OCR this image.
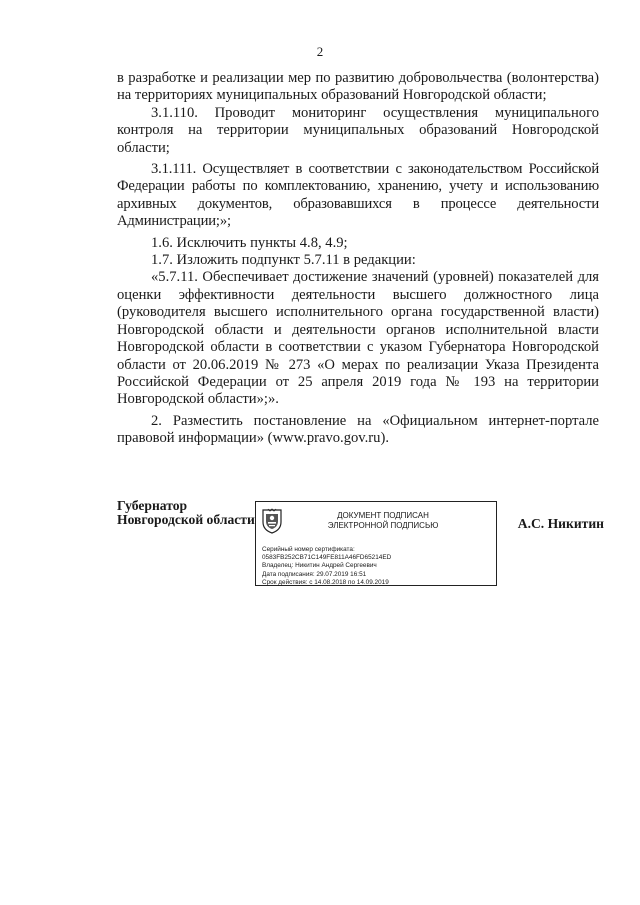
2

в разработке и реализации мер по развитию добровольчества (волонтерства) на территориях муниципальных образований Новгородской области;

3.1.110. Проводит мониторинг осуществления муниципального контроля на территории муниципальных образований Новгородской области;

3.1.111. Осуществляет в соответствии с законодательством Российской Федерации работы по комплектованию, хранению, учету и использованию архивных документов, образовавшихся в процессе деятельности Администрации;»;

1.6. Исключить пункты 4.8, 4.9;

1.7. Изложить подпункт 5.7.11 в редакции:

«5.7.11. Обеспечивает достижение значений (уровней) показателей для оценки эффективности деятельности высшего должностного лица (руководителя высшего исполнительного органа государственной власти) Новгородской области и деятельности органов исполнительной власти Новгородской области в соответствии с указом Губернатора Новгородской области от 20.06.2019 № 273 «О мерах по реализации Указа Президента Российской Федерации от 25 апреля 2019 года № 193 на территории Новгородской области»;».

2. Разместить постановление на «Официальном интернет-портале правовой информации» (www.pravo.gov.ru).

Губернатор
Новгородской области	ДОКУМЕНТ ПОДПИСАН
ЭЛЕКТРОННОЙ ПОДПИСЬЮ
Серийный номер сертификата:
0583FB252CB71C149FE811A46FD65214ED
Владелец: Никитин Андрей Сергеевич
Дата подписания: 29.07.2019 16:51
Срок действия: с 14.08.2018 по 14.09.2019
А.С. Никитин
